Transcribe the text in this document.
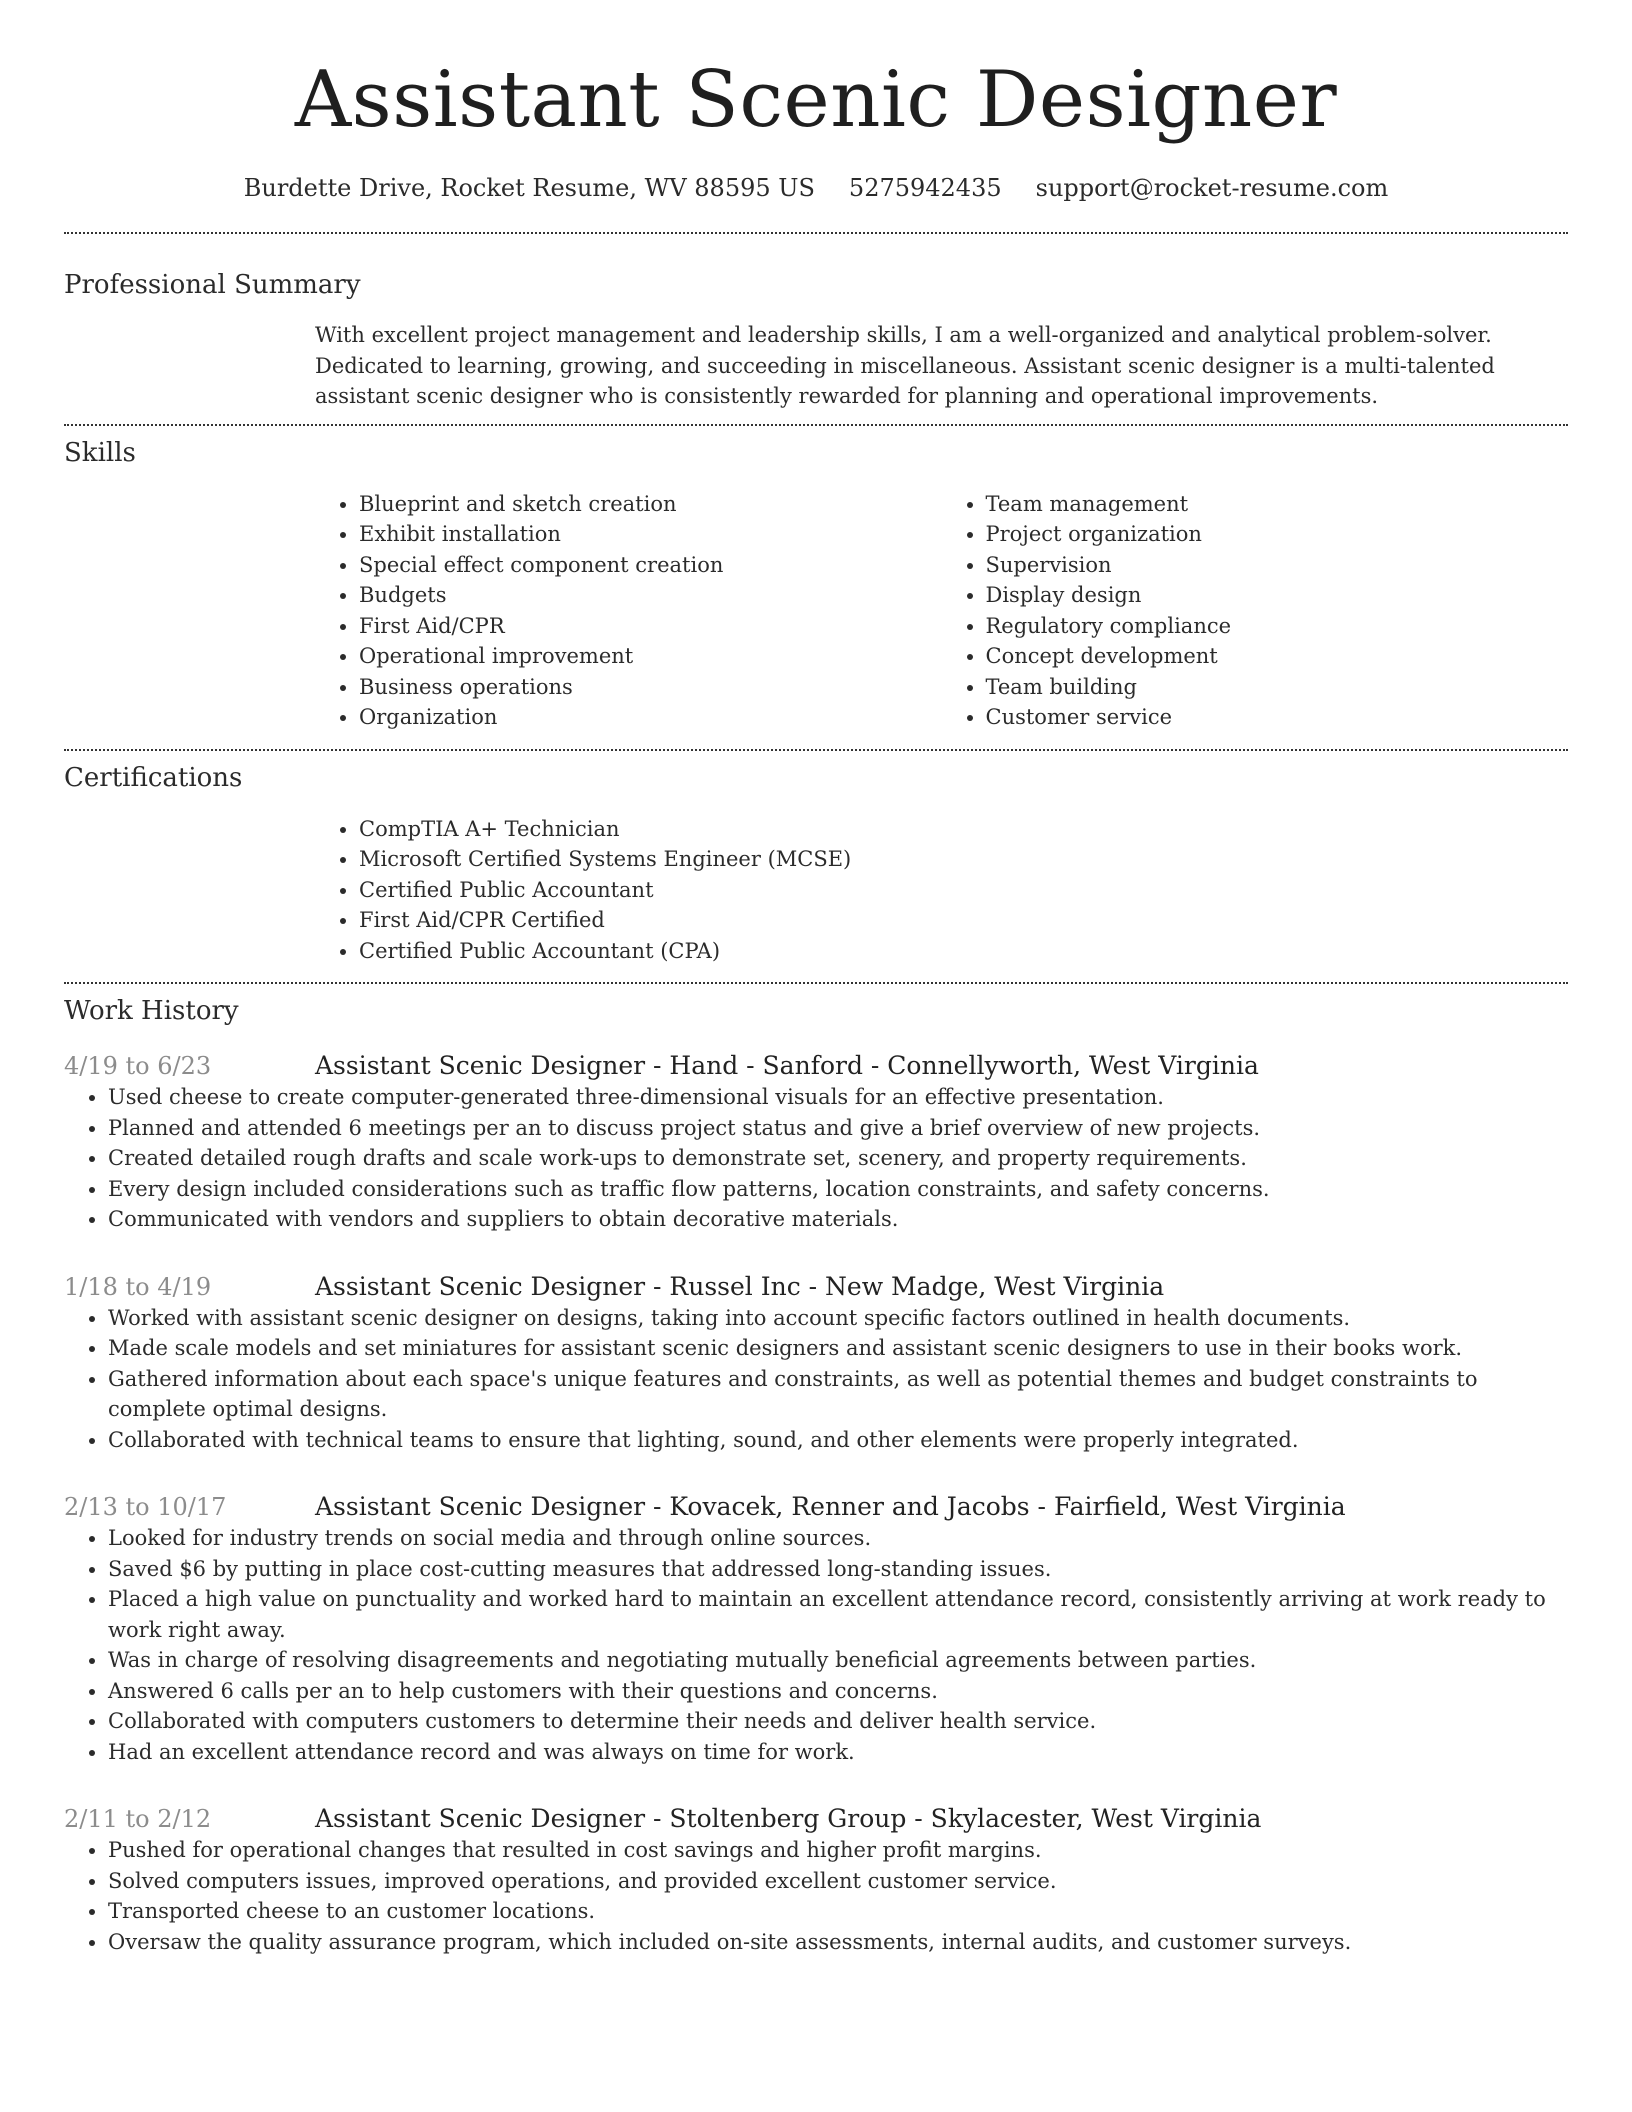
Assistant Scenic Designer
Burdette Drive, Rocket Resume, WV 88595 US 5275942435 support@rocket-resume.com
Professional Summary

With excellent project management and leadership skills, I am a well-organized and analytical problem-solver. Dedicated to learning, growing, and succeeding in miscellaneous. Assistant scenic designer is a multi-talented assistant scenic designer who is consistently rewarded for planning and operational improvements.

Skills
• Blueprint and sketch creation
• Exhibit installation
• Special effect component creation
• Budgets
• First Aid/CPR
• Operational improvement
• Business operations
• Organization
• Team management
• Project organization
• Supervision
• Display design
• Regulatory compliance
• Concept development
• Team building
• Customer service
Certifications
• CompTIA A+ Technician
• Microsoft Certified Systems Engineer (MCSE)
• Certified Public Accountant
• First Aid/CPR Certified
• Certified Public Accountant (CPA)
Work History
4/19 to 6/23	Assistant Scenic Designer - Hand - Sanford - Connellyworth, West Virginia
• Used cheese to create computer-generated three-dimensional visuals for an effective presentation.
• Planned and attended 6 meetings per an to discuss project status and give a brief overview of new projects.
• Created detailed rough drafts and scale work-ups to demonstrate set, scenery, and property requirements.
• Every design included considerations such as traffic flow patterns, location constraints, and safety concerns.
• Communicated with vendors and suppliers to obtain decorative materials.
1/18 to 4/19	Assistant Scenic Designer - Russel Inc - New Madge, West Virginia
• Worked with assistant scenic designer on designs, taking into account specific factors outlined in health documents.
• Made scale models and set miniatures for assistant scenic designers and assistant scenic designers to use in their books work.
• Gathered information about each space's unique features and constraints, as well as potential themes and budget constraints to complete optimal designs.
• Collaborated with technical teams to ensure that lighting, sound, and other elements were properly integrated.
2/13 to 10/17	Assistant Scenic Designer - Kovacek, Renner and Jacobs - Fairfield, West Virginia
• Looked for industry trends on social media and through online sources.
• Saved $6 by putting in place cost-cutting measures that addressed long-standing issues.
• Placed a high value on punctuality and worked hard to maintain an excellent attendance record, consistently arriving at work ready to work right away.
• Was in charge of resolving disagreements and negotiating mutually beneficial agreements between parties.
• Answered 6 calls per an to help customers with their questions and concerns.
• Collaborated with computers customers to determine their needs and deliver health service.
• Had an excellent attendance record and was always on time for work.
2/11 to 2/12	Assistant Scenic Designer - Stoltenberg Group - Skylacester, West Virginia
• Pushed for operational changes that resulted in cost savings and higher profit margins.
• Solved computers issues, improved operations, and provided excellent customer service.
• Transported cheese to an customer locations.
• Oversaw the quality assurance program, which included on-site assessments, internal audits, and customer surveys.
